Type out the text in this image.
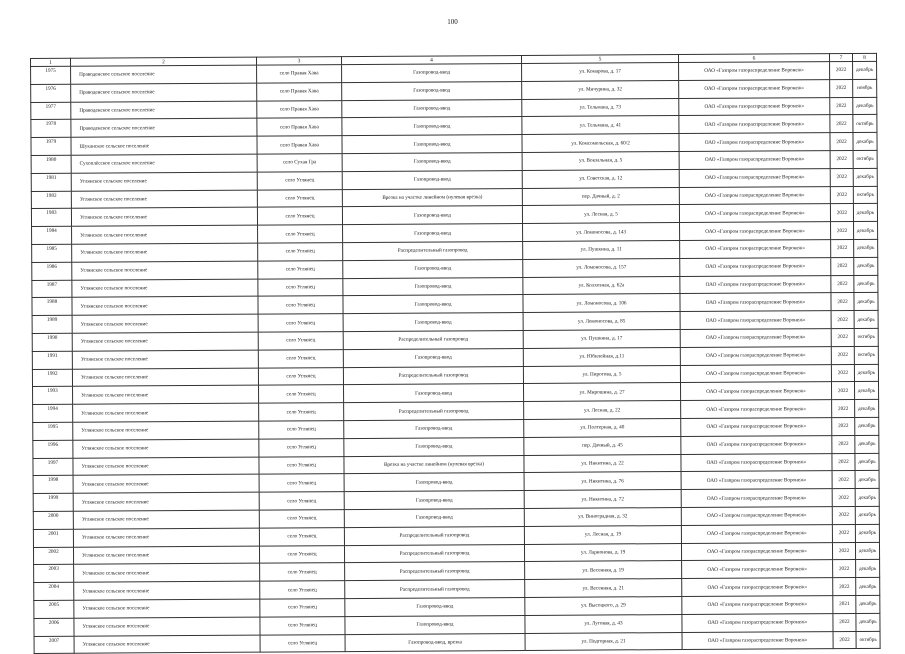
100
1	2	3	4	5	6	7	8
1975	Праводенское сельское поселение	село Правая Хава	Газопровод-ввод	ул. Комарова, д. 17	ОАО «Газпром газораспределение Воронеж»	2022	декабрь
1976	Праводенское сельское поселение	село Правая Хава	Газопровод-ввод	ул. Мичурина, д. 32	ОАО «Газпром газораспределение Воронеж»	2022	ноябрь
1977	Праводенское сельское поселение	село Правая Хава	Газопровод-ввод	ул. Тельмана, д. 73	ОАО «Газпром газораспределение Воронеж»	2022	декабрь
1978	Праводенское сельское поселение	село Правая Хава	Газопровод-ввод	ул. Тельмана, д. 41	ОАО «Газпром газораспределение Воронеж»	2022	октябрь
1979	Шуканское сельское поселение	село Правая Хава	Газопровод-ввод	ул. Комсомольская, д. 60/2	ОАО «Газпром газораспределение Воронеж»	2022	декабрь
1980	Сухоплёсское сельское поселение	село Сухая Гра	Газопровод-ввод	ул. Вокзальная, д. 5	ОАО «Газпром газораспределение Воронеж»	2022	октябрь
1981	Углянское сельское поселение	село Углянец	Газопровод-ввод	ул. Советская, д. 12	ОАО «Газпром газораспределение Воронеж»	2022	декабрь
1982	Углянское сельское поселение	село Углянец	Врезка на участке линейном (нулевая врезка)	пер. Дачный, д. 2	ОАО «Газпром газораспределение Воронеж»	2022	октябрь
1983	Углянское сельское поселение	село Углянец	Газопровод-ввод	ул. Лесная, д. 5	ОАО «Газпром газораспределение Воронеж»	2022	декабрь
1984	Углянское сельское поселение	село Углянец	Газопровод-ввод	ул. Ломоносова, д. 143	ОАО «Газпром газораспределение Воронеж»	2022	декабрь
1985	Углянское сельское поселение	село Углянец	Распределительный газопровод	ул. Пушкина, д. 11	ОАО «Газпром газораспределение Воронеж»	2022	декабрь
1986	Углянское сельское поселение	село Углянец	Газопровод-ввод	ул. Ломоносова, д. 157	ОАО «Газпром газораспределение Воронеж»	2022	декабрь
1987	Углянское сельское поселение	село Углянец	Газопровод-ввод	ул. Колхозная, д. 62а	ОАО «Газпром газораспределение Воронеж»	2022	декабрь
1988	Углянское сельское поселение	село Углянец	Газопровод-ввод	ул. Ломоносова, д. 106	ОАО «Газпром газораспределение Воронеж»	2022	декабрь
1989	Углянское сельское поселение	село Углянец	Газопровод-ввод	ул. Ломоносова, д. 85	ОАО «Газпром газораспределение Воронеж»	2022	декабрь
1990	Углянское сельское поселение	село Углянец	Распределительный газопровод	ул. Пушкина, д. 17	ОАО «Газпром газораспределение Воронеж»	2022	октябрь
1991	Углянское сельское поселение	село Углянец	Газопровод-ввод	ул. Юбилейная, д.11	ОАО «Газпром газораспределение Воронеж»	2022	октябрь
1992	Углянское сельское поселение	село Углянец	Распределительный газопровод	ул. Пирогова, д. 5	ОАО «Газпром газораспределение Воронеж»	2022	декабрь
1993	Углянское сельское поселение	село Углянец	Газопровод-ввод	ул. Мирошина, д. 27	ОАО «Газпром газораспределение Воронеж»	2022	декабрь
1994	Углянское сельское поселение	село Углянец	Распределительный газопровод	ул. Лесная, д. 22	ОАО «Газпром газораспределение Воронеж»	2022	декабрь
1995	Углянское сельское поселение	село Углянец	Газопровод-ввод	ул. Полтерная, д. 40	ОАО «Газпром газораспределение Воронеж»	2022	декабрь
1996	Углянское сельское поселение	село Углянец	Газопровод-ввод	пер. Дачный, д. 45	ОАО «Газпром газораспределение Воронеж»	2022	декабрь
1997	Углянское сельское поселение	село Углянец	Врезка на участке линейном (нулевая врезка)	ул. Никитина, д. 22	ОАО «Газпром газораспределение Воронеж»	2022	декабрь
1998	Углянское сельское поселение	село Углянец	Газопровод-ввод	ул. Никитина, д. 76	ОАО «Газпром газораспределение Воронеж»	2022	декабрь
1999	Углянское сельское поселение	село Углянец	Газопровод-ввод	ул. Никитина, д. 72	ОАО «Газпром газораспределение Воронеж»	2022	декабрь
2000	Углянское сельское поселение	село Углянец	Газопровод-ввод	ул. Виноградная, д. 32	ОАО «Газпром газораспределение Воронеж»	2022	декабрь
2001	Углянское сельское поселение	село Углянец	Распределительный газопровод	ул. Лесная, д. 19	ОАО «Газпром газораспределение Воронеж»	2022	декабрь
2002	Углянское сельское поселение	село Углянец	Распределительный газопровод	ул. Ларионова, д. 19	ОАО «Газпром газораспределение Воронеж»	2022	декабрь
2003	Углянское сельское поселение	село Углянец	Распределительный газопровод	ул. Весенняя, д. 19	ОАО «Газпром газораспределение Воронеж»	2022	декабрь
2004	Углянское сельское поселение	село Углянец	Распределительный газопровод	ул. Весенняя, д. 21	ОАО «Газпром газораспределение Воронеж»	2022	декабрь
2005	Углянское сельское поселение	село Углянец	Газопровод-ввод	ул. Высоцкого, д. 29	ОАО «Газпром газораспределение Воронеж»	2021	декабрь
2006	Углянское сельское поселение	село Углянец	Газопровод-ввод	ул. Луговая, д. 43	ОАО «Газпром газораспределение Воронеж»	2022	декабрь
2007	Углянское сельское поселение	село Углянец	Газопровод-ввод, врезка	ул. Подгорная, д. 21	ОАО «Газпром газораспределение Воронеж»	2022	октябрь
